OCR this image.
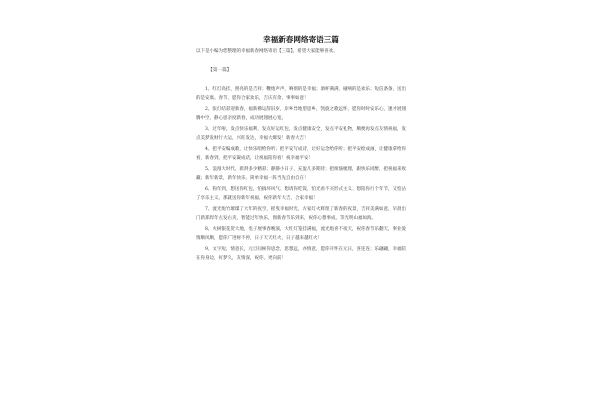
幸福新春网络寄语三篇
以下是小编为您整理的幸福新春网络寄语【三篇】，希望大家能够喜欢。
【第一篇】

1、红灯高挂，照亮的是吉祥；鞭炮声声，响彻的是幸福；酒杯满满，碰响的是欢乐；短信条条，送出的是安康。春节，愿你合家欢乐，吉庆有余，事事如意！

2、张灯结彩迎新春，福新佛运辞旧岁，岸乡异地望思乡，凯旋之歌远怀，愿你时时安乐心，逢才展翅腾中空，静心思亲度新春，成功展翅展心宽。

3、过年啦，发点快乐福利，发点好运红包，发点健康安全，发点平安礼物，顺便再发点友情祝福，发点美梦发财行大运，兴旺发达，幸福大爆发！新春大吉！

4、把平安编成歌，让快乐唱给你听；把平安写成诗，让好运念给你听；把平安绘成画，让健康拿给你看，新春到，把平安凝成话，让祝福陪你看！祝幸福平安！

5、浪漫大时代，新湃多少精彩；静静小日子，充盈几多期待；把烦恼梳理，跟快乐同醉，把祝福来收藏；新年新景，新年快乐，简单幸福一阵当先自由自在！

6、狗年到，想送你红包，怕搞坏风气；想请你吃饭，怕光看不买形式主义；想陪你行个年节，又怕沾了享乐主义，那就送你新年祝福，祝你新年大吉，合家幸福！

7、流光炮竹璀璨了大年的夜空，摇曳幸福时光，方家灯火辉煌了新春的夜景，吉祥美满如意，早晨出门新郑焊年左发右夹，智能过年快乐，图新春节乐到来，祝你心想事成，等光明山福如海。

8、火树银花贺大地，电子展事春晚演，大红灯笼挂满福，流光炮喜不夜天，祝你春节乐翻天，事业爱情顺风顺，愿你广进财不停，日子天天红火，日子越来越红火！

9、文字短，情意长，元旦问候你思念，思想远，亦情意，愿你开怀在元日，喜连连；乐翩翩，幸福陪在你身边，好梦久，友情深，祝你，更向前！
